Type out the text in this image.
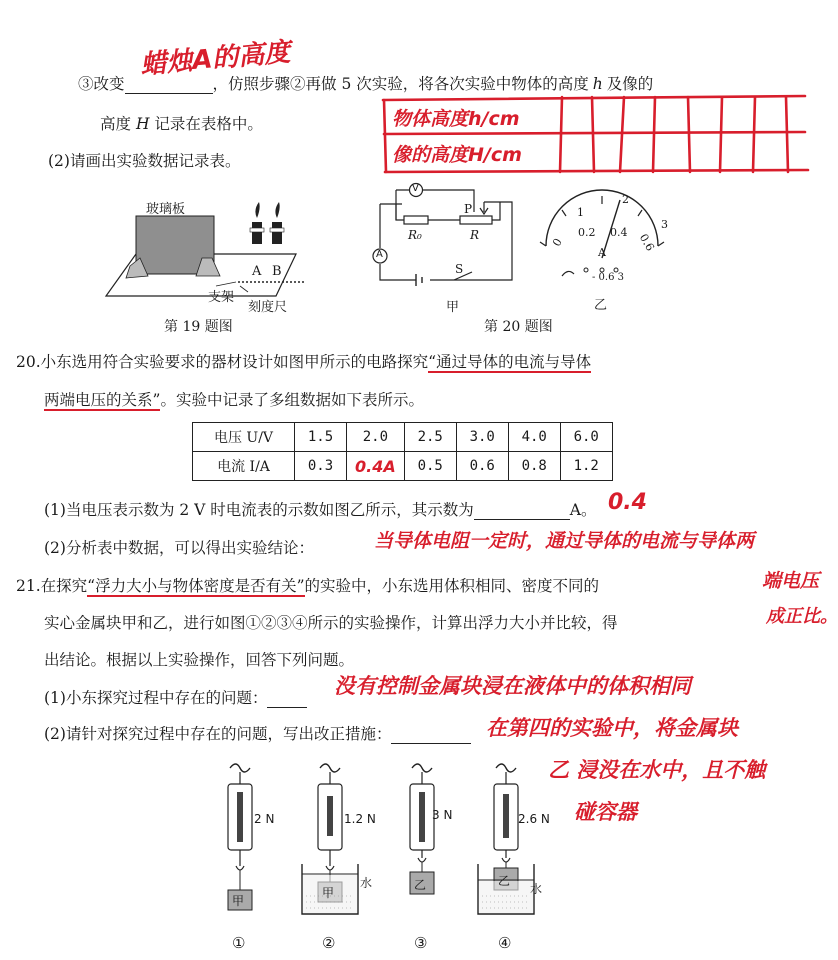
③改变	，仿照步骤②再做 5 次实验，将各次实验中物体的高度 h 及像的
蜡烛A的高度
高度 H 记录在表格中。
(2)请画出实验数据记录表。
物体高度h/cm
像的高度H/cm
玻璃板
A B
支架
刻度尺
第 19 题图
V
A
R₀	R
P
S
甲
0
0.2 0.4 0.6
1
2
3
A
- 0.6 3
乙
第 20 题图
20.小东选用符合实验要求的器材设计如图甲所示的电路探究“通过导体的电流与导体
两端电压的关系”。实验中记录了多组数据如下表所示。
电压 U/V	1.5	2.0	2.5	3.0	4.0	6.0
电流 I/A	0.3	0.4A	0.5	0.6	0.8	1.2
(1)当电压表示数为 2 V 时电流表的示数如图乙所示，其示数为	A。 0.4
(2)分析表中数据，可以得出实验结论：	当导体电阻一定时，通过导体的电流与导体两
21.在探究“浮力大小与物体密度是否有关”的实验中，小东选用体积相同、密度不同的	端电压
实心金属块甲和乙，进行如图①②③④所示的实验操作，计算出浮力大小并比较，得	成正比。
出结论。根据以上实验操作，回答下列问题。
(1)小东探究过程中存在的问题：	没有控制金属块浸在液体中的体积相同
(2)请针对探究过程中存在的问题，写出改正措施：	在第四的实验中，将金属块
乙 浸没在水中，且不触
碰容器
2 N
甲
①
1.2 N
甲
水
②
3 N
乙
③
2.6 N
乙
水
④
